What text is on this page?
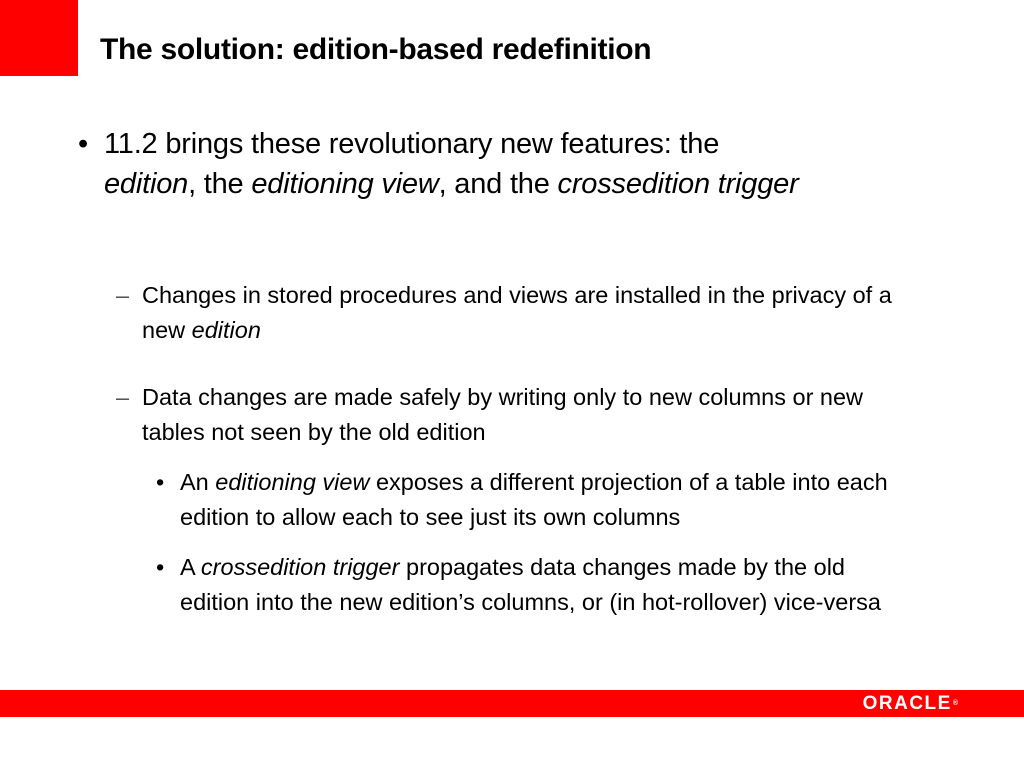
The solution: edition-based redefinition
• 11.2 brings these revolutionary new features: the
edition, the editioning view, and the crossedition trigger
– Changes in stored procedures and views are installed in the privacy of a new edition
– Data changes are made safely by writing only to new columns or new tables not seen by the old edition
• An editioning view exposes a different projection of a table into each edition to allow each to see just its own columns
• A crossedition trigger propagates data changes made by the old edition into the new edition’s columns, or (in hot-rollover) vice-versa
ORACLE®
